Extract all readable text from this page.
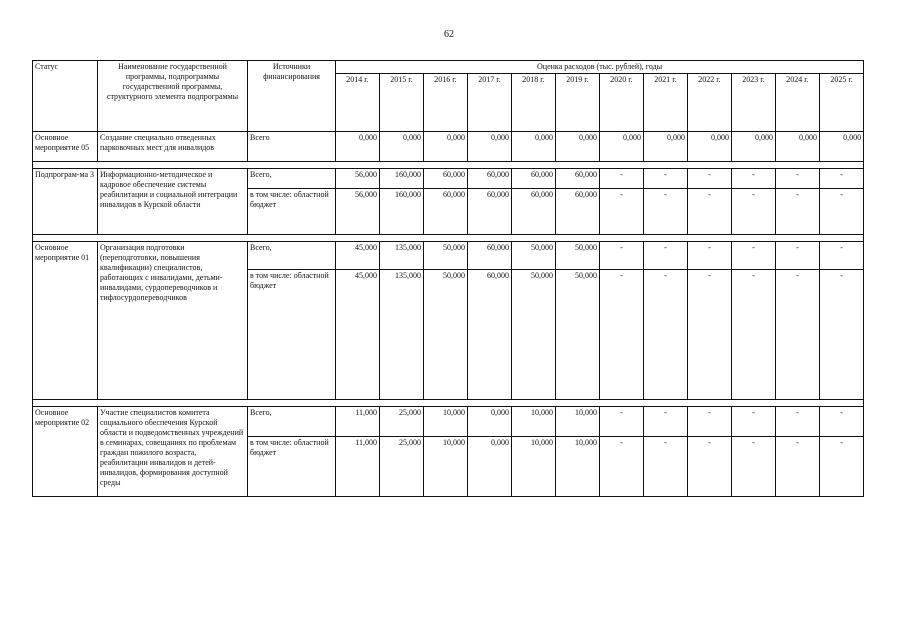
62
Статус	Наименование государственной программы, подпрограммы государственной программы, структурного элемента подпрограммы	Источники финансирования	Оценка расходов (тыс. рублей), годы											
			2014 г.	2015 г.	2016 г.	2017 г.	2018 г.	2019 г.	2020 г.	2021 г.	2022 г.	2023 г.	2024 г.	2025 г.
Основное мероприятие 05	Создание специально отведенных парковочных мест для инвалидов	Всего	0,000	0,000	0,000	0,000	0,000	0,000	0,000	0,000	0,000	0,000	0,000	0,000

Подпрограм-ма 3	Информационно-методическое и кадровое обеспечение системы реабилитации и социальной интеграции инвалидов в Курской области	Всего,	56,000	160,000	60,000	60,000	60,000	60,000	-	-	-	-	-	-
		в том числе: областной бюджет	56,000	160,000	60,000	60,000	60,000	60,000	-	-	-	-	-	-

Основное мероприятие 01	Организация подготовки (переподготовки, повышения квалификации) специалистов, работающих с инвалидами, детьми-инвалидами, сурдопереводчиков и тифлосурдопереводчиков	Всего,	45,000	135,000	50,000	60,000	50,000	50,000	-	-	-	-	-	-
		в том числе: областной бюджет	45,000	135,000	50,000	60,000	50,000	50,000	-	-	-	-	-	-

Основное мероприятие 02	Участие специалистов комитета социального обеспечения Курской области и подведомственных учреждений в семинарах, совещаниях по проблемам граждан пожилого возраста, реабилитации инвалидов и детей-инвалидов, формирования доступной среды	Всего,	11,000	25,000	10,000	0,000	10,000	10,000	-	-	-	-	-	-
		в том числе: областной бюджет	11,000	25,000	10,000	0,000	10,000	10,000	-	-	-	-	-	-
